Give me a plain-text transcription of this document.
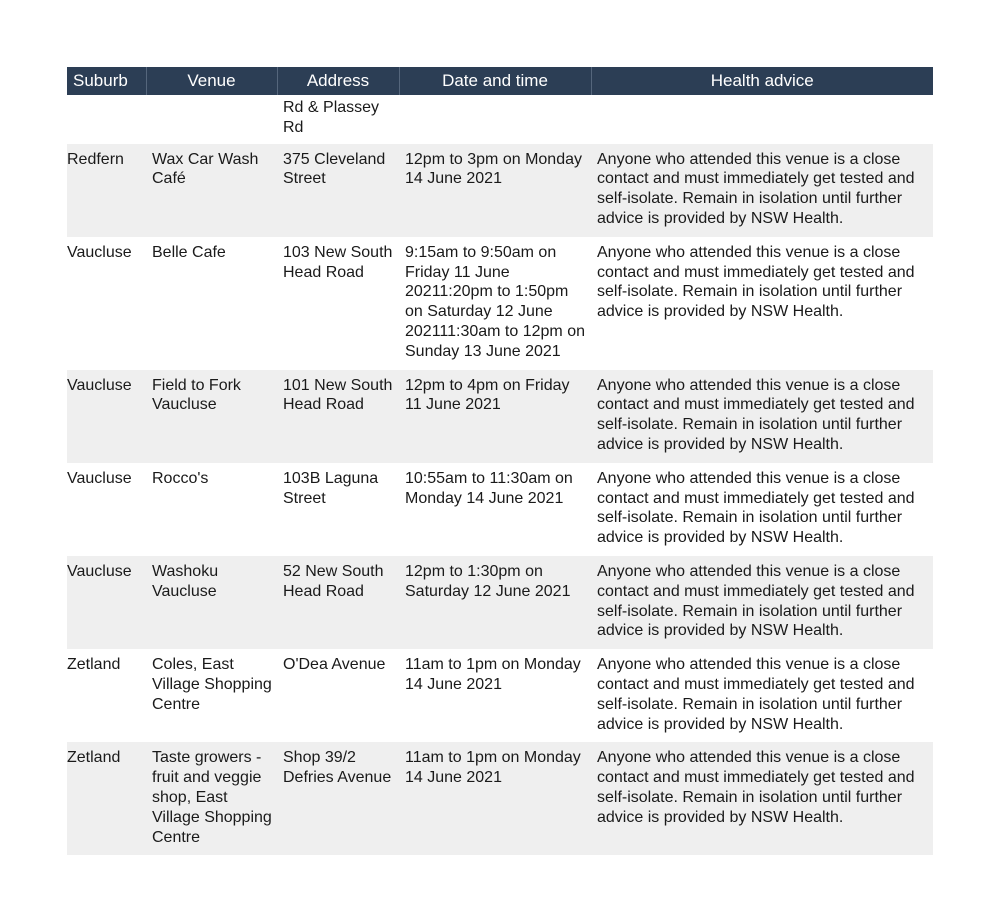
Suburb	Venue	Address	Date and time	Health advice
		Rd & Plassey Rd		
Redfern	Wax Car Wash Café	375 Cleveland Street	12pm to 3pm on Monday 14 June 2021	Anyone who attended this venue is a close contact and must immediately get tested and self-isolate. Remain in isolation until further advice is provided by NSW Health.
Vaucluse	Belle Cafe	103 New South Head Road	9:15am to 9:50am on Friday 11 June 20211:20pm to 1:50pm on Saturday 12 June 202111:30am to 12pm on Sunday 13 June 2021	Anyone who attended this venue is a close contact and must immediately get tested and self-isolate. Remain in isolation until further advice is provided by NSW Health.
Vaucluse	Field to Fork Vaucluse	101 New South Head Road	12pm to 4pm on Friday 11 June 2021	Anyone who attended this venue is a close contact and must immediately get tested and self-isolate. Remain in isolation until further advice is provided by NSW Health.
Vaucluse	Rocco's	103B Laguna Street	10:55am to 11:30am on Monday 14 June 2021	Anyone who attended this venue is a close contact and must immediately get tested and self-isolate. Remain in isolation until further advice is provided by NSW Health.
Vaucluse	Washoku Vaucluse	52 New South Head Road	12pm to 1:30pm on Saturday 12 June 2021	Anyone who attended this venue is a close contact and must immediately get tested and self-isolate. Remain in isolation until further advice is provided by NSW Health.
Zetland	Coles, East Village Shopping Centre	O'Dea Avenue	11am to 1pm on Monday 14 June 2021	Anyone who attended this venue is a close contact and must immediately get tested and self-isolate. Remain in isolation until further advice is provided by NSW Health.
Zetland	Taste growers - fruit and veggie shop, East Village Shopping Centre	Shop 39/2 Defries Avenue	11am to 1pm on Monday 14 June 2021	Anyone who attended this venue is a close contact and must immediately get tested and self-isolate. Remain in isolation until further advice is provided by NSW Health.
